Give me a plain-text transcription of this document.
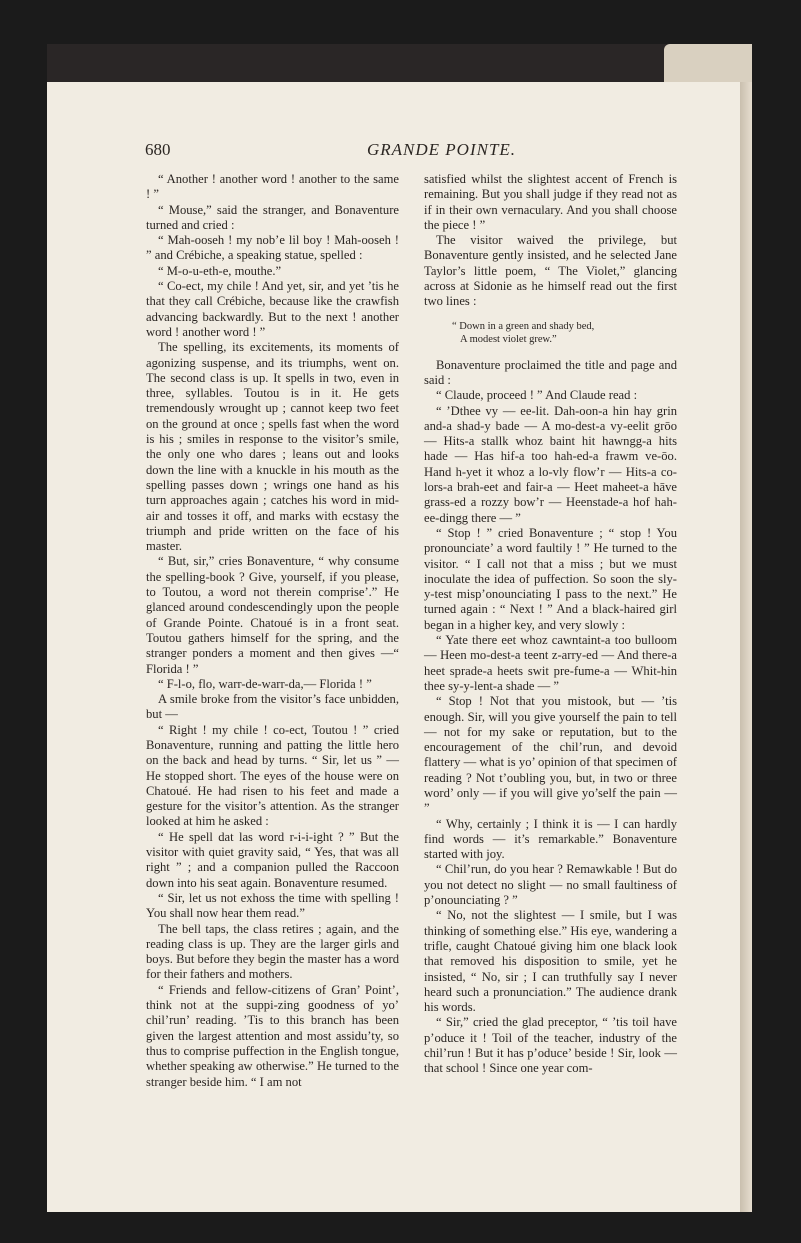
680	GRANDE POINTE.

“ Another ! another word ! another to the same ! ”

“ Mouse,” said the stranger, and Bonaventure turned and cried :

“ Mah-ooseh ! my nob’e lil boy ! Mah-ooseh ! ” and Crébiche, a speaking statue, spelled :

“ M-o-u-eth-e, mouthe.”

“ Co-ect, my chile ! And yet, sir, and yet ’tis he that they call Crébiche, because like the crawfish advancing backwardly. But to the next ! another word ! another word ! ”

The spelling, its excitements, its moments of agonizing suspense, and its triumphs, went on. The second class is up. It spells in two, even in three, syllables. Toutou is in it. He gets tremendously wrought up ; cannot keep two feet on the ground at once ; spells fast when the word is his ; smiles in response to the visitor’s smile, the only one who dares ; leans out and looks down the line with a knuckle in his mouth as the spelling passes down ; wrings one hand as his turn approaches again ; catches his word in mid-air and tosses it off, and marks with ecstasy the triumph and pride written on the face of his master.

“ But, sir,” cries Bonaventure, “ why consume the spelling-book ? Give, yourself, if you please, to Toutou, a word not therein comprise’.” He glanced around condescendingly upon the people of Grande Pointe. Chatoué is in a front seat. Toutou gathers himself for the spring, and the stranger ponders a moment and then gives —“ Florida ! ”

“ F-l-o, flo, warr-de-warr-da,— Florida ! ”

A smile broke from the visitor’s face unbidden, but —

“ Right ! my chile ! co-ect, Toutou ! ” cried Bonaventure, running and patting the little hero on the back and head by turns. “ Sir, let us ” — He stopped short. The eyes of the house were on Chatoué. He had risen to his feet and made a gesture for the visitor’s attention. As the stranger looked at him he asked :

“ He spell dat las word r-i-i-ight ? ” But the visitor with quiet gravity said, “ Yes, that was all right ” ; and a companion pulled the Raccoon down into his seat again. Bonaventure resumed.

“ Sir, let us not exhoss the time with spelling ! You shall now hear them read.”

The bell taps, the class retires ; again, and the reading class is up. They are the larger girls and boys. But before they begin the master has a word for their fathers and mothers.

“ Friends and fellow-citizens of Gran’ Point’, think not at the suppi-zing goodness of yo’ chil’run’ reading. ’Tis to this branch has been given the largest attention and most assidu’ty, so thus to comprise puffection in the English tongue, whether speaking aw otherwise.” He turned to the stranger beside him. “ I am not

satisfied whilst the slightest accent of French is remaining. But you shall judge if they read not as if in their own vernaculary. And you shall choose the piece ! ”

The visitor waived the privilege, but Bonaventure gently insisted, and he selected Jane Taylor’s little poem, “ The Violet,” glancing across at Sidonie as he himself read out the first two lines :

“ Down in a green and shady bed,
A modest violet grew.”

Bonaventure proclaimed the title and page and said :

“ Claude, proceed ! ” And Claude read :

“ ’Dthee vy — ee-lit. Dah-oon-a hin hay grin and-a shad-y bade — A mo-dest-a vy-eelit grōo — Hits-a stallk whoz baint hit hawngg-a hits hade — Has hif-a too hah-ed-a frawm ve-ōo. Hand h-yet it whoz a lo-vly flow’r — Hits-a co-lors-a brah-eet and fair-a — Heet maheet-a hāve grass-ed a rozzy bow’r — Heenstade-a hof hah-ee-dingg there — ”

“ Stop ! ” cried Bonaventure ; “ stop ! You pronounciate’ a word faultily ! ” He turned to the visitor. “ I call not that a miss ; but we must inoculate the idea of puffection. So soon the sly-y-test misp’onounciating I pass to the next.” He turned again : “ Next ! ” And a black-haired girl began in a higher key, and very slowly :

“ Yate there eet whoz cawntaint-a too bulloom — Heen mo-dest-a teent z-arry-ed — And there-a heet sprade-a heets swit pre-fume-a — Whit-hin thee sy-y-lent-a shade — ”

“ Stop ! Not that you mistook, but — ’tis enough. Sir, will you give yourself the pain to tell — not for my sake or reputation, but to the encouragement of the chil’run, and devoid flattery — what is yo’ opinion of that specimen of reading ? Not t’oubling you, but, in two or three word’ only — if you will give yo’self the pain — ”

“ Why, certainly ; I think it is — I can hardly find words — it’s remarkable.” Bonaventure started with joy.

“ Chil’run, do you hear ? Remawkable ! But do you not detect no slight — no small faultiness of p’onounciating ? ”

“ No, not the slightest — I smile, but I was thinking of something else.” His eye, wandering a trifle, caught Chatoué giving him one black look that removed his disposition to smile, yet he insisted, “ No, sir ; I can truthfully say I never heard such a pronunciation.” The audience drank his words.

“ Sir,” cried the glad preceptor, “ ’tis toil have p’oduce it ! Toil of the teacher, industry of the chil’run ! But it has p’oduce’ beside ! Sir, look — that school ! Since one year com-
